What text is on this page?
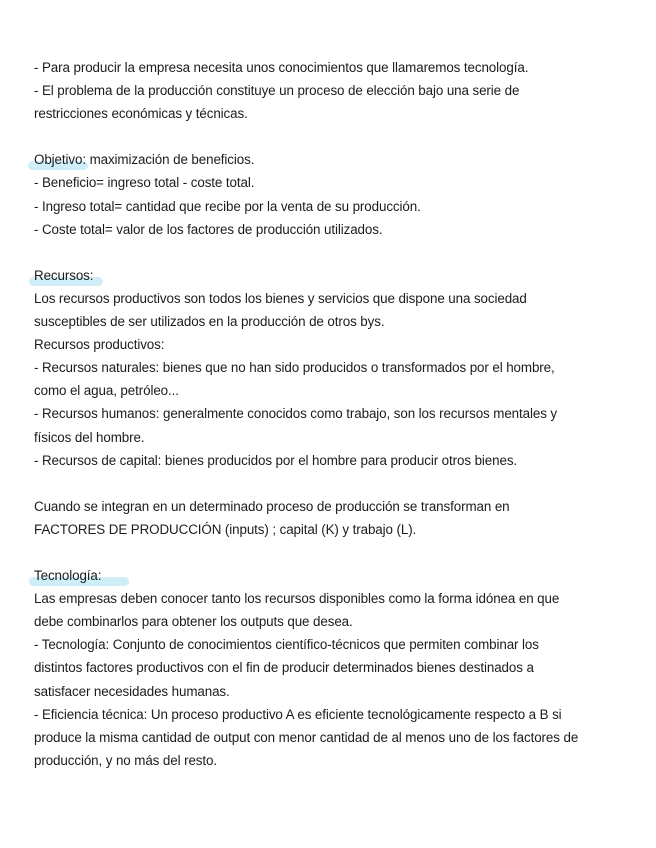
- Para producir la empresa necesita unos conocimientos que llamaremos tecnología.
- El problema de la producción constituye un proceso de elección bajo una serie de
restricciones económicas y técnicas.
Objetivo: maximización de beneficios.
- Beneficio= ingreso total - coste total.
- Ingreso total= cantidad que recibe por la venta de su producción.
- Coste total= valor de los factores de producción utilizados.
Recursos:
Los recursos productivos son todos los bienes y servicios que dispone una sociedad
susceptibles de ser utilizados en la producción de otros bys.
Recursos productivos:
- Recursos naturales: bienes que no han sido producidos o transformados por el hombre,
como el agua, petróleo...
- Recursos humanos: generalmente conocidos como trabajo, son los recursos mentales y
físicos del hombre.
- Recursos de capital: bienes producidos por el hombre para producir otros bienes.
Cuando se integran en un determinado proceso de producción se transforman en
FACTORES DE PRODUCCIÓN (inputs) ; capital (K) y trabajo (L).
Tecnología:
Las empresas deben conocer tanto los recursos disponibles como la forma idónea en que
debe combinarlos para obtener los outputs que desea.
- Tecnología: Conjunto de conocimientos científico-técnicos que permiten combinar los
distintos factores productivos con el fin de producir determinados bienes destinados a
satisfacer necesidades humanas.
- Eficiencia técnica: Un proceso productivo A es eficiente tecnológicamente respecto a B si
produce la misma cantidad de output con menor cantidad de al menos uno de los factores de
producción, y no más del resto.
